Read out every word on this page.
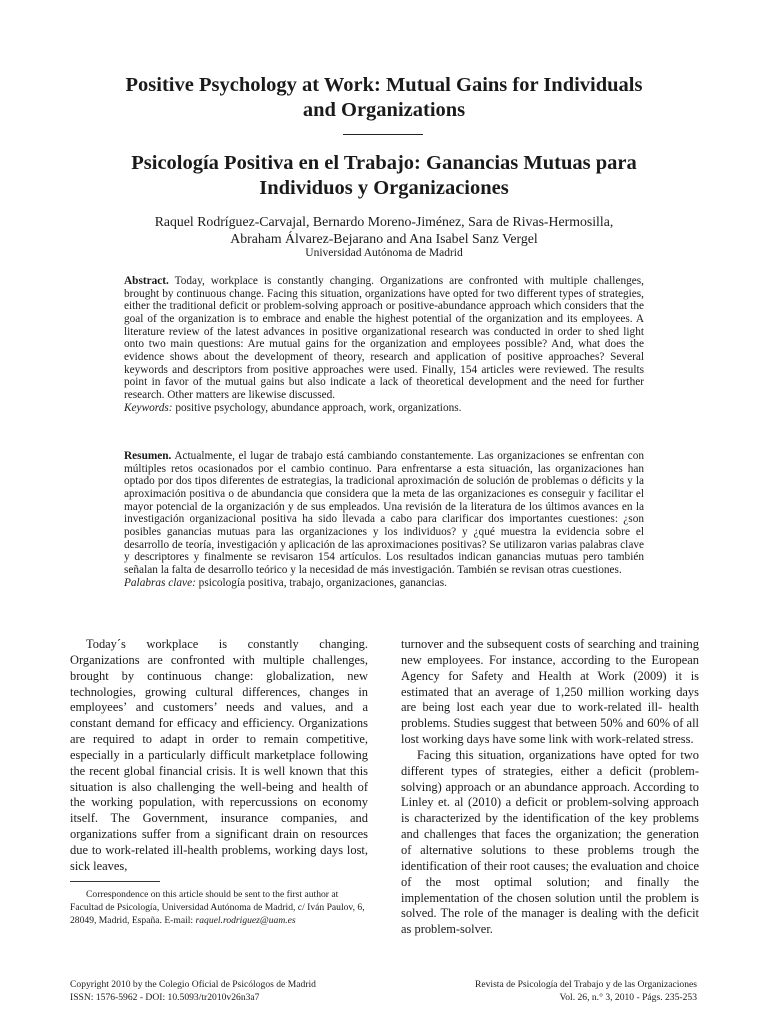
Positive Psychology at Work: Mutual Gains for Individuals
and Organizations
Psicología Positiva en el Trabajo: Ganancias Mutuas para
Individuos y Organizaciones
Raquel Rodríguez-Carvajal, Bernardo Moreno-Jiménez, Sara de Rivas-Hermosilla,
Abraham Álvarez-Bejarano and Ana Isabel Sanz Vergel
Universidad Autónoma de Madrid
Abstract. Today, workplace is constantly changing. Organizations are confronted with multiple challenges, brought by continuous change. Facing this situation, organizations have opted for two different types of strategies, either the traditional deficit or problem-solving approach or positive-abundance approach which considers that the goal of the organization is to embrace and enable the highest potential of the organization and its employees. A literature review of the latest advances in positive organizational research was conducted in order to shed light onto two main questions: Are mutual gains for the organization and employees possible? And, what does the evidence shows about the development of theory, research and application of positive approaches? Several keywords and descriptors from positive approaches were used. Finally, 154 articles were reviewed. The results point in favor of the mutual gains but also indicate a lack of theoretical development and the need for further research. Other matters are likewise discussed.
Keywords: positive psychology, abundance approach, work, organizations.
Resumen. Actualmente, el lugar de trabajo está cambiando constantemente. Las organizaciones se enfrentan con múltiples retos ocasionados por el cambio continuo. Para enfrentarse a esta situación, las organizaciones han optado por dos tipos diferentes de estrategias, la tradicional aproximación de solución de problemas o déficits y la aproximación positiva o de abundancia que considera que la meta de las organizaciones es conseguir y facilitar el mayor potencial de la organización y de sus empleados. Una revisión de la literatura de los últimos avances en la investigación organizacional positiva ha sido llevada a cabo para clarificar dos importantes cuestiones: ¿son posibles ganancias mutuas para las organizaciones y los individuos? y ¿qué muestra la evidencia sobre el desarrollo de teoría, investigación y aplicación de las aproximaciones positivas? Se utilizaron varias palabras clave y descriptores y finalmente se revisaron 154 artículos. Los resultados indican ganancias mutuas pero también señalan la falta de desarrollo teórico y la necesidad de más investigación. También se revisan otras cuestiones.
Palabras clave: psicología positiva, trabajo, organizaciones, ganancias.

Today´s workplace is constantly changing. Organizations are confronted with multiple challenges, brought by continuous change: globalization, new technologies, growing cultural differences, changes in employees’ and customers’ needs and values, and a constant demand for efficacy and efficiency. Organizations are required to adapt in order to remain competitive, especially in a particularly difficult marketplace following the recent global financial crisis. It is well known that this situation is also challenging the well-being and health of the working population, with repercussions on economy itself. The Government, insurance companies, and organizations suffer from a significant drain on resources due to work-related ill-health problems, working days lost, sick leaves,

turnover and the subsequent costs of searching and training new employees. For instance, according to the European Agency for Safety and Health at Work (2009) it is estimated that an average of 1,250 million working days are being lost each year due to work-related ill- health problems. Studies suggest that between 50% and 60% of all lost working days have some link with work-related stress.

Facing this situation, organizations have opted for two different types of strategies, either a deficit (problem-solving) approach or an abundance approach. According to Linley et. al (2010) a deficit or problem-solving approach is characterized by the identification of the key problems and challenges that faces the organization; the generation of alternative solutions to these problems trough the identification of their root causes; the evaluation and choice of the most optimal solution; and finally the implementation of the chosen solution until the problem is solved. The role of the manager is dealing with the deficit as problem-solver.

Correspondence on this article should be sent to the first author at Facultad de Psicología, Universidad Autónoma de Madrid, c/ Iván Paulov, 6, 28049, Madrid, España. E-mail: raquel.rodriguez@uam.es
Copyright 2010 by the Colegio Oficial de Psicólogos de Madrid
ISSN: 1576-5962 - DOI: 10.5093/tr2010v26n3a7
Revista de Psicología del Trabajo y de las Organizaciones
Vol. 26, n.° 3, 2010 - Págs. 235-253
